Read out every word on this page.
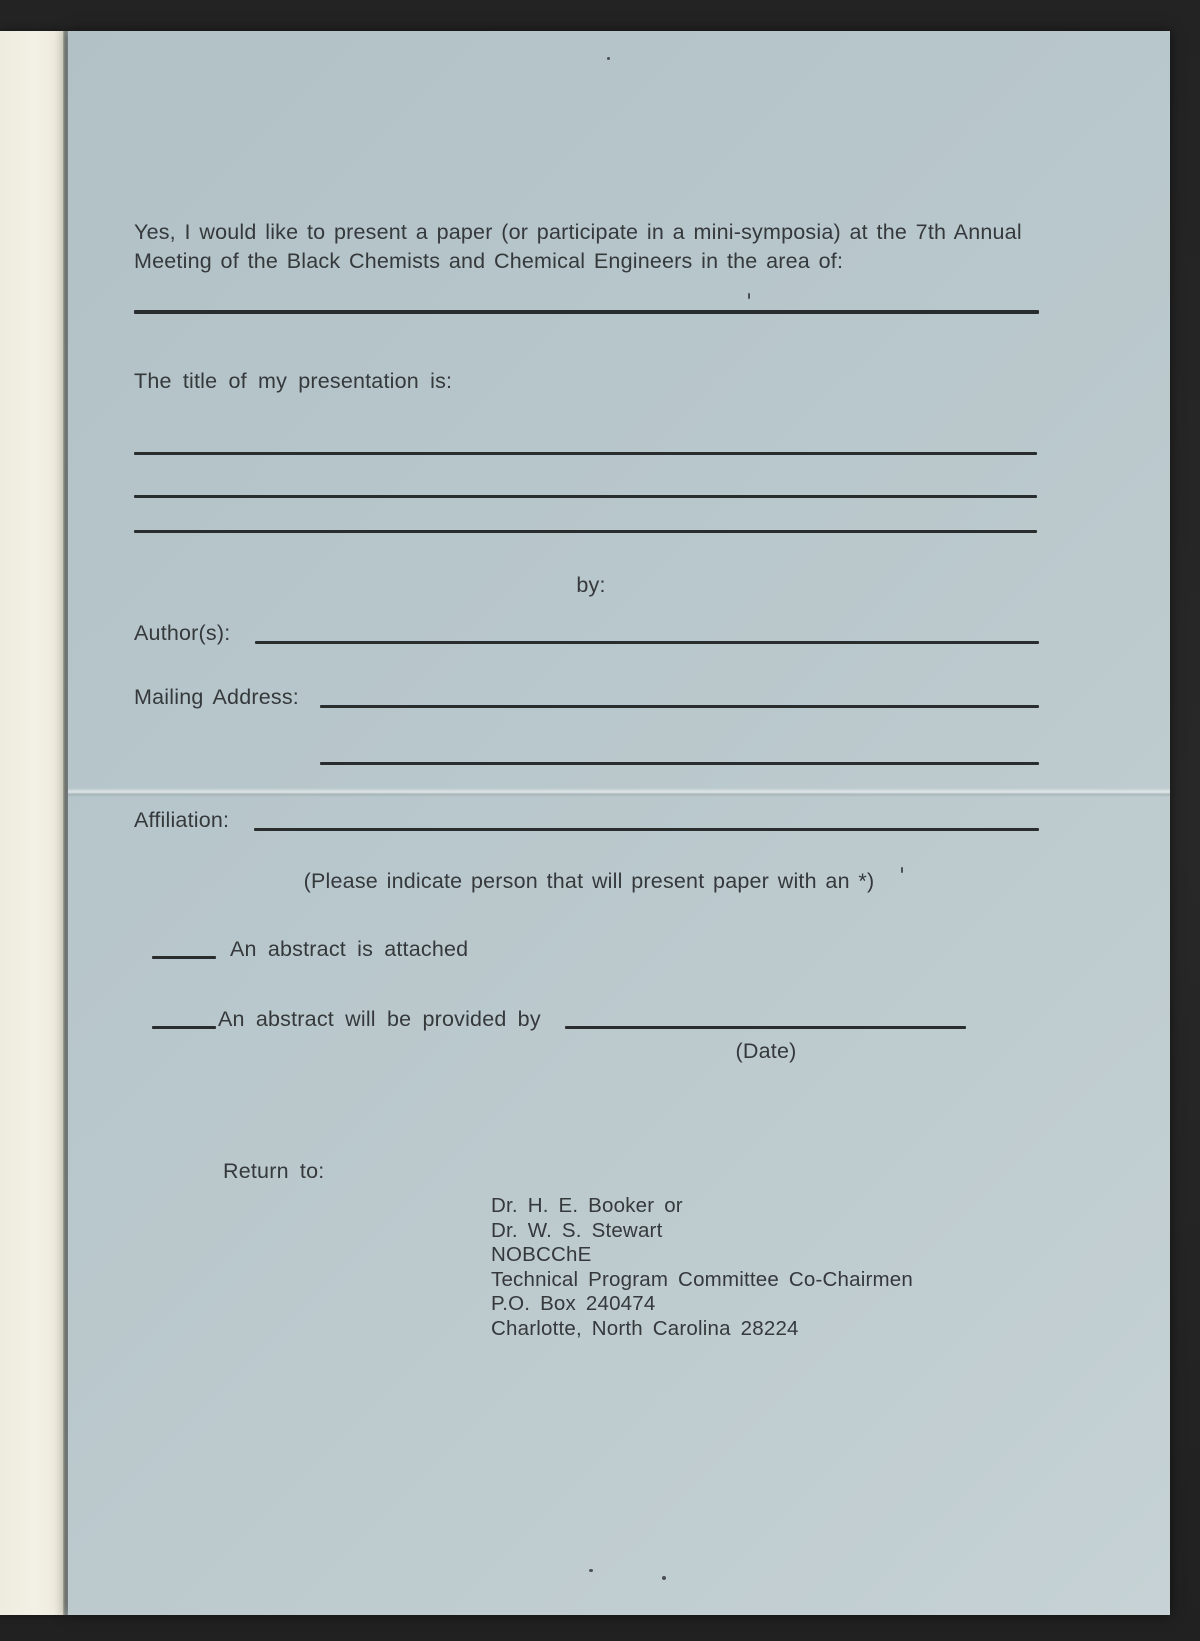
Yes, I would like to present a paper (or participate in a mini-symposia) at the 7th Annual
Meeting of the Black Chemists and Chemical Engineers in the area of:
The title of my presentation is:
by:
Author(s):
Mailing Address:
Affiliation:
(Please indicate person that will present paper with an *)
An abstract is attached
An abstract will be provided by
(Date)
Return to:
Dr. H. E. Booker or
Dr. W. S. Stewart
NOBCChE
Technical Program Committee Co-Chairmen
P.O. Box 240474
Charlotte, North Carolina 28224
